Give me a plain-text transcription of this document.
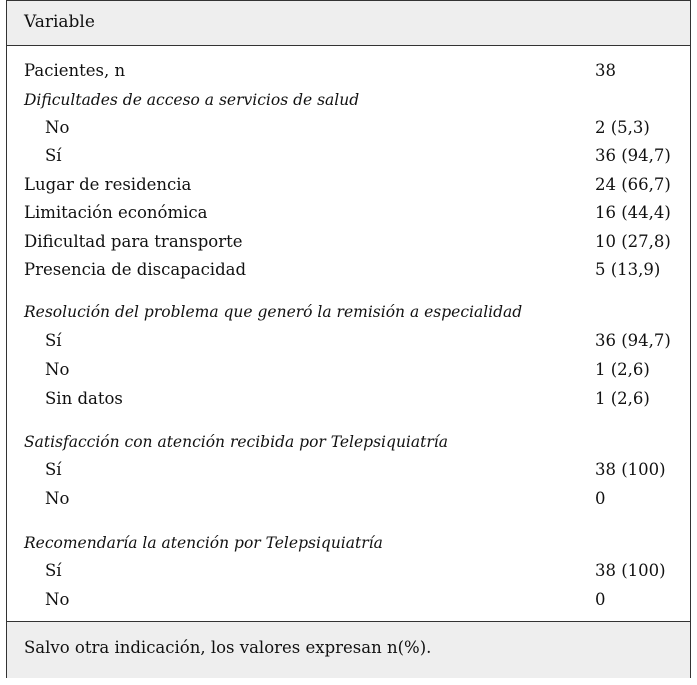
Variable
Pacientes, n	38
Dificultades de acceso a servicios de salud
No	2 (5,3)
Sí	36 (94,7)
Lugar de residencia	24 (66,7)
Limitación económica	16 (44,4)
Dificultad para transporte	10 (27,8)
Presencia de discapacidad	5 (13,9)
Resolución del problema que generó la remisión a especialidad
Sí	36 (94,7)
No	1 (2,6)
Sin datos	1 (2,6)
Satisfacción con atención recibida por Telepsiquiatría
Sí	38 (100)
No	0
Recomendaría la atención por Telepsiquiatría
Sí	38 (100)
No	0
Salvo otra indicación, los valores expresan n(%).
